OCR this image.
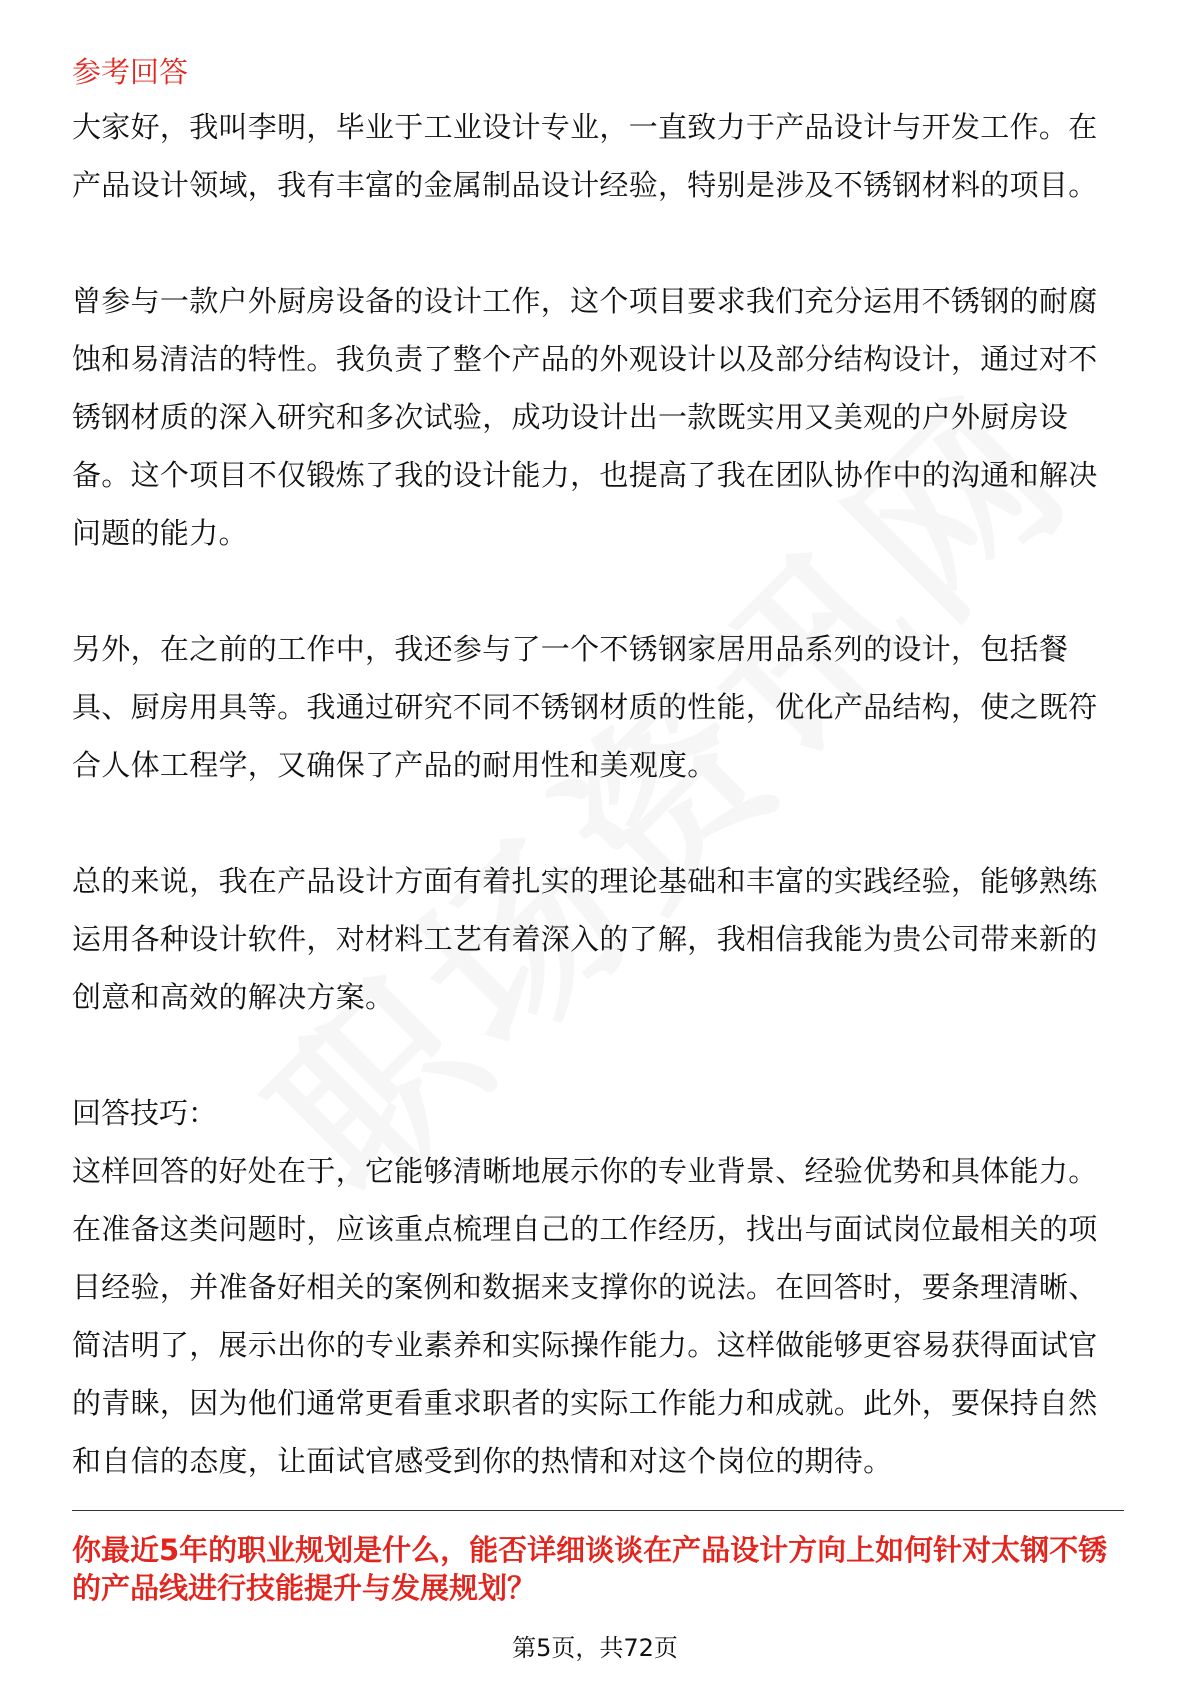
参考回答

大家好，我叫李明，毕业于工业设计专业，一直致力于产品设计与开发工作。在产品设计领域，我有丰富的金属制品设计经验，特别是涉及不锈钢材料的项目。

曾参与一款户外厨房设备的设计工作，这个项目要求我们充分运用不锈钢的耐腐蚀和易清洁的特性。我负责了整个产品的外观设计以及部分结构设计，通过对不锈钢材质的深入研究和多次试验，成功设计出一款既实用又美观的户外厨房设备。这个项目不仅锻炼了我的设计能力，也提高了我在团队协作中的沟通和解决问题的能力。

另外，在之前的工作中，我还参与了一个不锈钢家居用品系列的设计，包括餐具、厨房用具等。我通过研究不同不锈钢材质的性能，优化产品结构，使之既符合人体工程学，又确保了产品的耐用性和美观度。

总的来说，我在产品设计方面有着扎实的理论基础和丰富的实践经验，能够熟练运用各种设计软件，对材料工艺有着深入的了解，我相信我能为贵公司带来新的创意和高效的解决方案。

回答技巧：

这样回答的好处在于，它能够清晰地展示你的专业背景、经验优势和具体能力。在准备这类问题时，应该重点梳理自己的工作经历，找出与面试岗位最相关的项目经验，并准备好相关的案例和数据来支撑你的说法。在回答时，要条理清晰、简洁明了，展示出你的专业素养和实际操作能力。这样做能够更容易获得面试官的青睐，因为他们通常更看重求职者的实际工作能力和成就。此外，要保持自然和自信的态度，让面试官感受到你的热情和对这个岗位的期待。

你最近5年的职业规划是什么，能否详细谈谈在产品设计方向上如何针对太钢不锈的产品线进行技能提升与发展规划？

第5页，共72页
